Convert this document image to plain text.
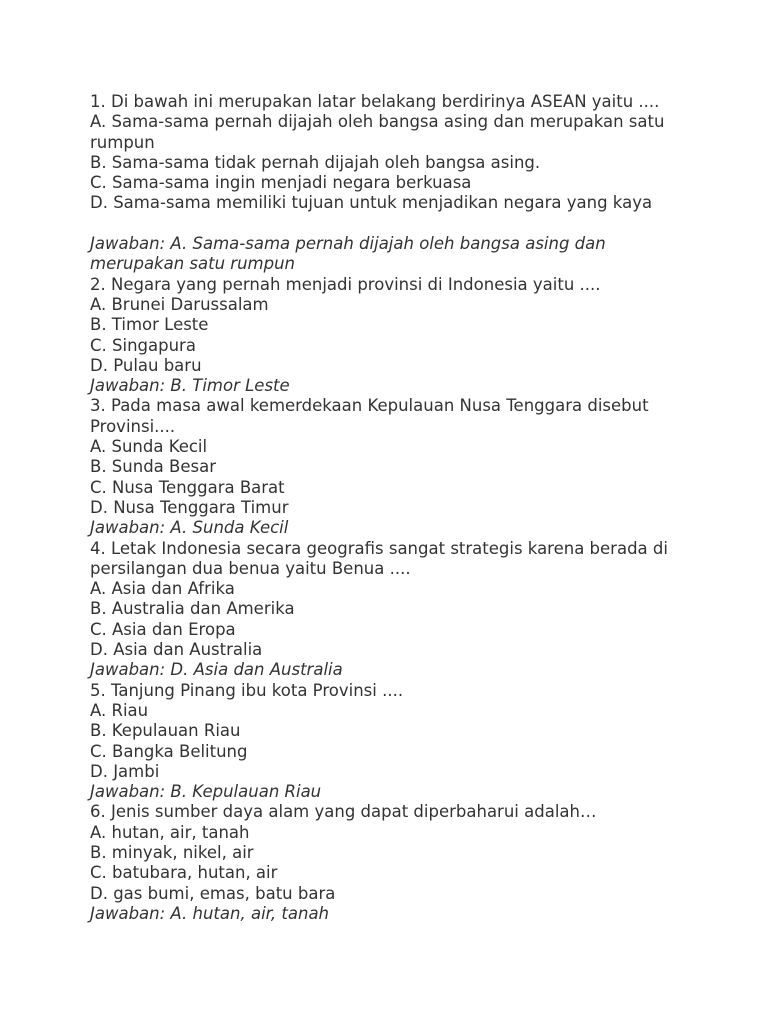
1. Di bawah ini merupakan latar belakang berdirinya ASEAN yaitu ....
A. Sama-sama pernah dijajah oleh bangsa asing dan merupakan satu rumpun
B. Sama-sama tidak pernah dijajah oleh bangsa asing.
C. Sama-sama ingin menjadi negara berkuasa
D. Sama-sama memiliki tujuan untuk menjadikan negara yang kaya
Jawaban: A. Sama-sama pernah dijajah oleh bangsa asing dan merupakan satu rumpun
2. Negara yang pernah menjadi provinsi di Indonesia yaitu ....
A. Brunei Darussalam
B. Timor Leste
C. Singapura
D. Pulau baru
Jawaban: B. Timor Leste
3. Pada masa awal kemerdekaan Kepulauan Nusa Tenggara disebut Provinsi....
A. Sunda Kecil
B. Sunda Besar
C. Nusa Tenggara Barat
D. Nusa Tenggara Timur
Jawaban: A. Sunda Kecil
4. Letak Indonesia secara geografis sangat strategis karena berada di persilangan dua benua yaitu Benua ....
A. Asia dan Afrika
B. Australia dan Amerika
C. Asia dan Eropa
D. Asia dan Australia
Jawaban: D. Asia dan Australia
5. Tanjung Pinang ibu kota Provinsi ....
A. Riau
B. Kepulauan Riau
C. Bangka Belitung
D. Jambi
Jawaban: B. Kepulauan Riau
6. Jenis sumber daya alam yang dapat diperbaharui adalah…
A. hutan, air, tanah
B. minyak, nikel, air
C. batubara, hutan, air
D. gas bumi, emas, batu bara
Jawaban: A. hutan, air, tanah
